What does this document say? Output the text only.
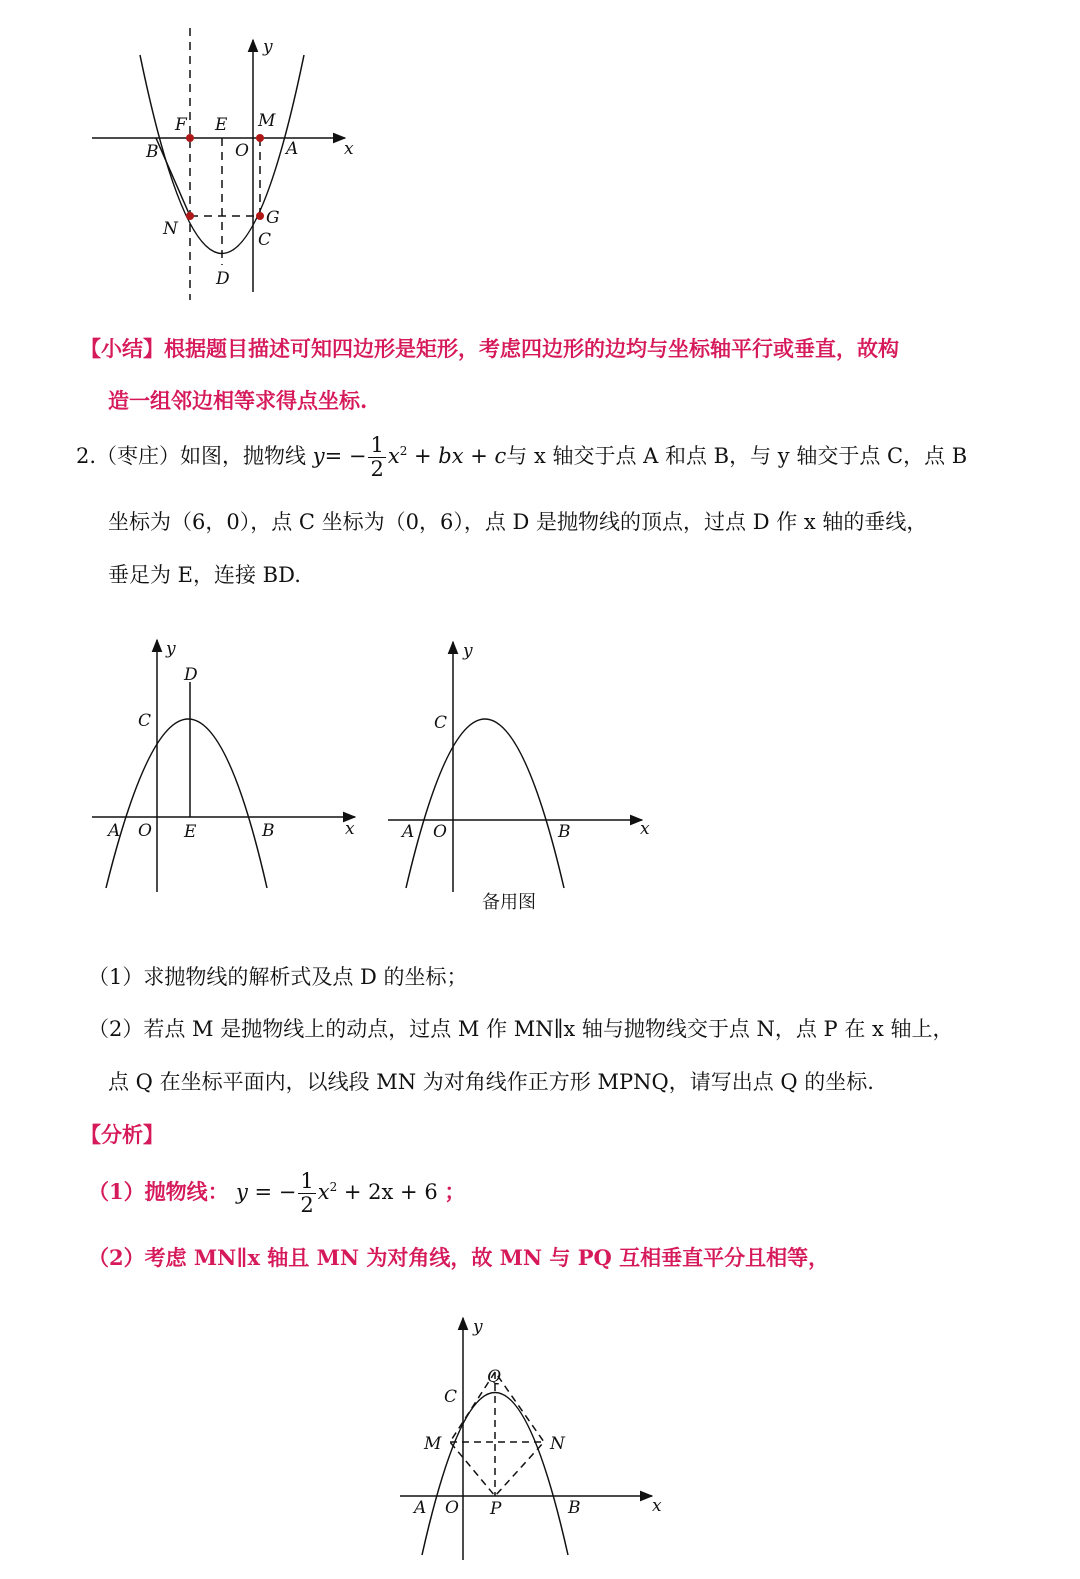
y
x
F E M
B	O A
N
G
C
D
【小结】根据题目描述可知四边形是矩形，考虑四边形的边均与坐标轴平行或垂直，故构
造一组邻边相等求得点坐标.
2.（枣庄）如图，抛物线 $y= - \frac{1}{2} x^2$ + bx + c与 x 轴交于点 A 和点 B，与 y 轴交于点 C，点 B
坐标为（6，0），点 C 坐标为（0，6），点 D 是抛物线的顶点，过点 D 作 x 轴的垂线，
垂足为 E，连接 BD.
y
D
C
A O E	B	x
y
C
A O	B	x
备用图
（1）求抛物线的解析式及点 D 的坐标；
（2）若点 M 是抛物线上的动点，过点 M 作 MN∥x 轴与抛物线交于点 N，点 P 在 x 轴上，
点 Q 在坐标平面内，以线段 MN 为对角线作正方形 MPNQ，请写出点 Q 的坐标.
【分析】
（1）抛物线： y = − $\frac{1}{2} x^2 + 2x + 6$ ；
（2）考虑 MN∥x 轴且 MN 为对角线，故 MN 与 PQ 互相垂直平分且相等，
y
C
Q
M	N
A O P	B	x
